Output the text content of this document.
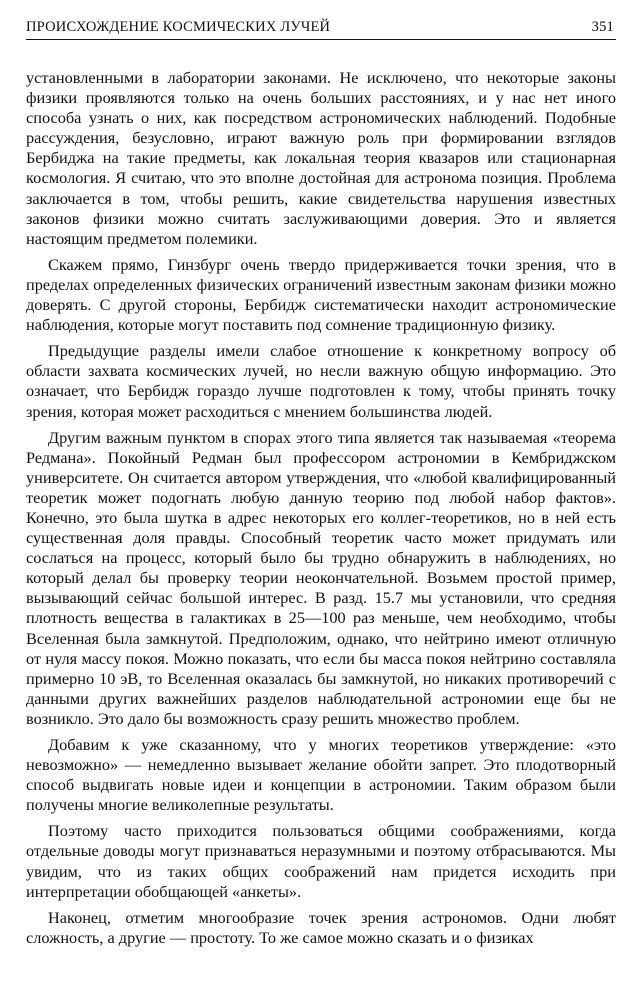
ПРОИСХОЖДЕНИЕ КОСМИЧЕСКИХ ЛУЧЕЙ	351

установленными в лаборатории законами. Не исключено, что некоторые законы физики проявляются только на очень больших расстояниях, и у нас нет иного способа узнать о них, как посредством астрономических наблюдений. Подобные рассуждения, безусловно, играют важную роль при формировании взглядов Бербиджа на такие предметы, как локальная теория квазаров или стационарная космология. Я считаю, что это вполне достойная для астронома позиция. Проблема заключается в том, чтобы решить, какие свидетельства нарушения известных законов физики можно считать заслуживающими доверия. Это и является настоящим предметом полемики.

Скажем прямо, Гинзбург очень твердо придерживается точки зрения, что в пределах определенных физических ограничений известным законам физики можно доверять. С другой стороны, Бербидж систематически находит астрономические наблюдения, которые могут поставить под сомнение традиционную физику.

Предыдущие разделы имели слабое отношение к конкретному вопросу об области захвата космических лучей, но несли важную общую информацию. Это означает, что Бербидж гораздо лучше подготовлен к тому, чтобы принять точку зрения, которая может расходиться с мнением большинства людей.

Другим важным пунктом в спорах этого типа является так называемая «теорема Редмана». Покойный Редман был профессором астрономии в Кембриджском университете. Он считается автором утверждения, что «любой квалифицированный теоретик может подогнать любую данную теорию под любой набор фактов». Конечно, это была шутка в адрес некоторых его коллег-теоретиков, но в ней есть существенная доля правды. Способный теоретик часто может придумать или сослаться на процесс, который было бы трудно обнаружить в наблюдениях, но который делал бы проверку теории неокончательной. Возьмем простой пример, вызывающий сейчас большой интерес. В разд. 15.7 мы установили, что средняя плотность вещества в галактиках в 25—100 раз меньше, чем необходимо, чтобы Вселенная была замкнутой. Предположим, однако, что нейтрино имеют отличную от нуля массу покоя. Можно показать, что если бы масса покоя нейтрино составляла примерно 10 эВ, то Вселенная оказалась бы замкнутой, но никаких противоречий с данными других важнейших разделов наблюдательной астрономии еще бы не возникло. Это дало бы возможность сразу решить множество проблем.

Добавим к уже сказанному, что у многих теоретиков утверждение: «это невозможно» — немедленно вызывает желание обойти запрет. Это плодотворный способ выдвигать новые идеи и концепции в астрономии. Таким образом были получены многие великолепные результаты.

Поэтому часто приходится пользоваться общими соображениями, когда отдельные доводы могут признаваться неразумными и поэтому отбрасываются. Мы увидим, что из таких общих соображений нам придется исходить при интерпретации обобщающей «анкеты».

Наконец, отметим многообразие точек зрения астрономов. Одни любят сложность, а другие — простоту. То же самое можно сказать и о физиках
